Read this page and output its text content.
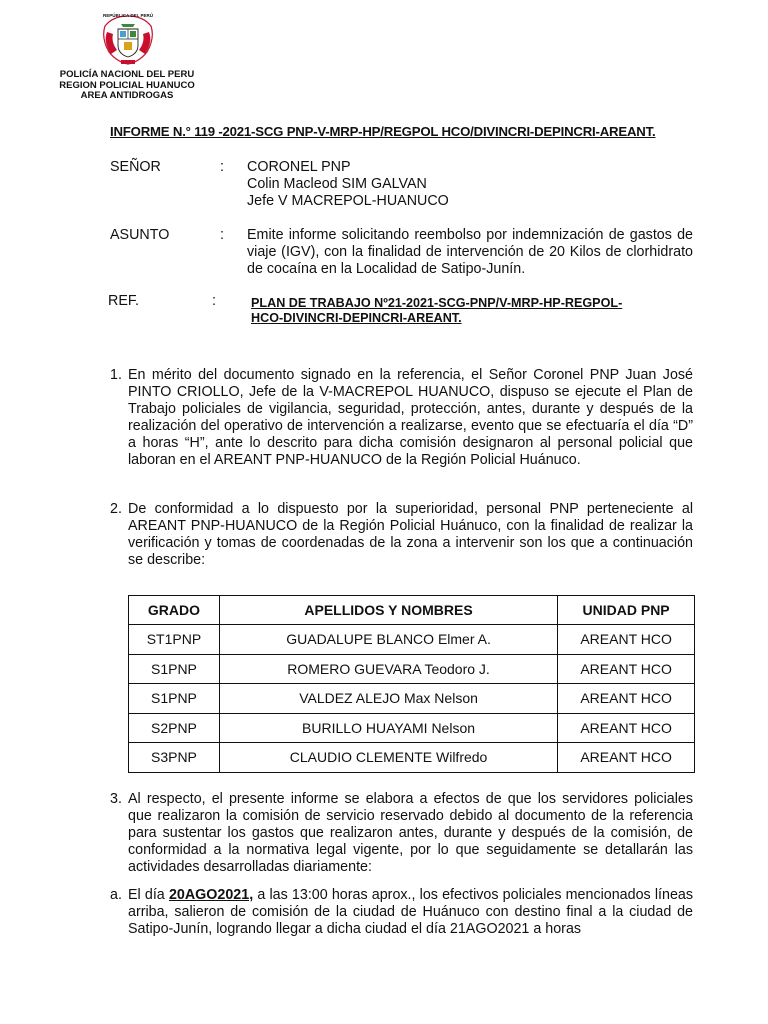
REPÚBLICA DEL PERÚ
POLICÍA NACIONL DEL PERU
REGION POLICIAL HUANUCO
AREA ANTIDROGAS
INFORME N.° 119 -2021-SCG PNP-V-MRP-HP/REGPOL HCO/DIVINCRI-DEPINCRI-AREANT.
SEÑOR	: CORONEL PNP
Colin Macleod SIM GALVAN
Jefe V MACREPOL-HUANUCO
ASUNTO	: Emite informe solicitando reembolso por indemnización de gastos de viaje (IGV), con la finalidad de intervención de 20 Kilos de clorhidrato de cocaína en la Localidad de Satipo-Junín.
REF.	:	PLAN DE TRABAJO Nº21-2021-SCG-PNP/V-MRP-HP-REGPOL-
HCO-DIVINCRI-DEPINCRI-AREANT.
1. En mérito del documento signado en la referencia, el Señor Coronel PNP Juan José PINTO CRIOLLO, Jefe de la V-MACREPOL HUANUCO, dispuso se ejecute el Plan de Trabajo policiales de vigilancia, seguridad, protección, antes, durante y después de la realización del operativo de intervención a realizarse, evento que se efectuaría el día “D” a horas “H”, ante lo descrito para dicha comisión designaron al personal policial que laboran en el AREANT PNP-HUANUCO de la Región Policial Huánuco.
2. De conformidad a lo dispuesto por la superioridad, personal PNP perteneciente al AREANT PNP-HUANUCO de la Región Policial Huánuco, con la finalidad de realizar la verificación y tomas de coordenadas de la zona a intervenir son los que a continuación se describe:
GRADO	APELLIDOS Y NOMBRES	UNIDAD PNP
ST1PNP	GUADALUPE BLANCO Elmer A.	AREANT HCO
S1PNP	ROMERO GUEVARA Teodoro J.	AREANT HCO
S1PNP	VALDEZ ALEJO Max Nelson	AREANT HCO
S2PNP	BURILLO HUAYAMI Nelson	AREANT HCO
S3PNP	CLAUDIO CLEMENTE Wilfredo	AREANT HCO
3. Al respecto, el presente informe se elabora a efectos de que los servidores policiales que realizaron la comisión de servicio reservado debido al documento de la referencia para sustentar los gastos que realizaron antes, durante y después de la comisión, de conformidad a la normativa legal vigente, por lo que seguidamente se detallarán las actividades desarrolladas diariamente:
a. El día 20AGO2021, a las 13:00 horas aprox., los efectivos policiales mencionados líneas arriba, salieron de comisión de la ciudad de Huánuco con destino final a la ciudad de Satipo-Junín, logrando llegar a dicha ciudad el día 21AGO2021 a horas
